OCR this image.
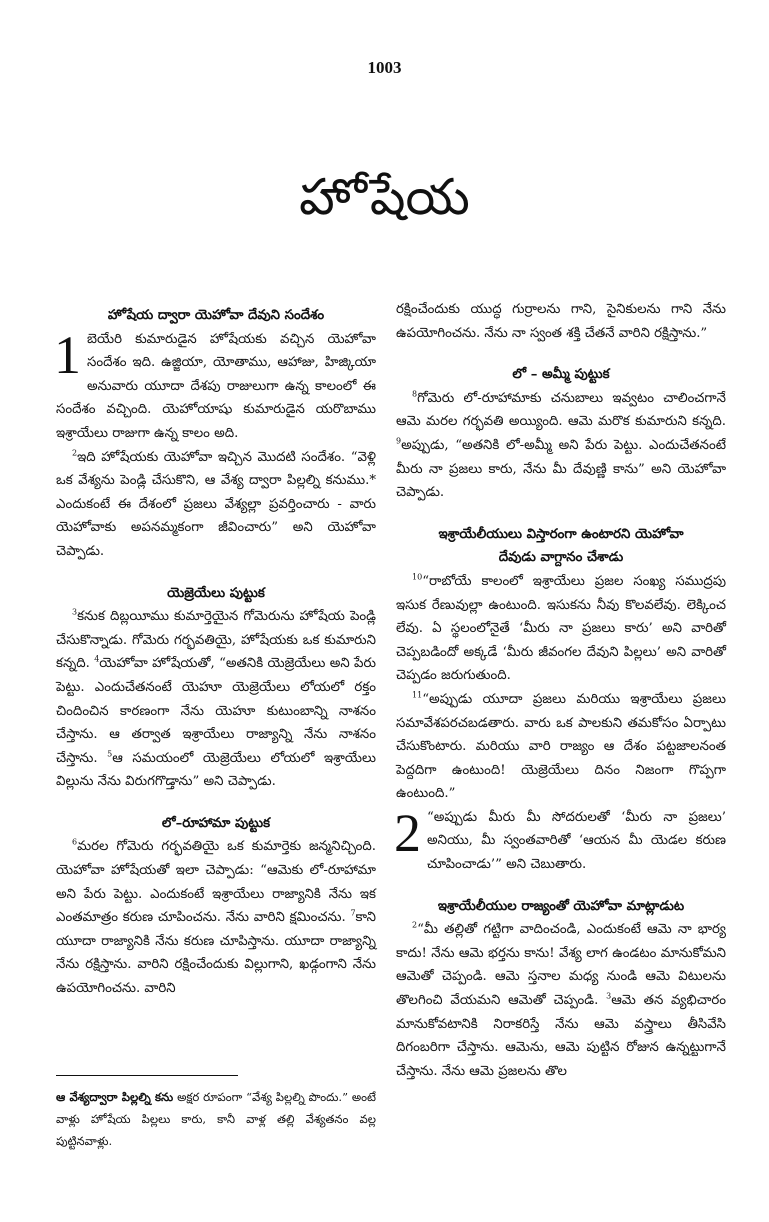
1003
హోషేయ
హోషేయ ద్వారా యెహోవా దేవుని సందేశం

1 బెయేరి కుమారుడైన హోషేయకు వచ్చిన యెహోవా సందేశం ఇది. ఉజ్జియా, యోతాము, ఆహాజు, హిజ్కియా అనువారు యూదా దేశపు రాజులుగా ఉన్న కాలంలో ఈ సందేశం వచ్చింది. యెహోయాషు కుమారుడైన యరొబాము ఇశ్రాయేలు రాజుగా ఉన్న కాలం అది.

$^2$ఇది హోషేయకు యెహోవా ఇచ్చిన మొదటి సందేశం. “వెళ్లి ఒక వేశ్యను పెండ్లి చేసుకొని, ఆ వేశ్య ద్వారా పిల్లల్ని కనుము.* ఎందుకంటే ఈ దేశంలో ప్రజలు వేశ్యల్లా ప్రవర్తించారు - వారు యెహోవాకు అపనమ్మకంగా జీవించారు” అని యెహోవా చెప్పాడు.

యెజ్రెయేలు పుట్టుక

$^3$కనుక దిబ్లయీము కుమార్తెయైన గోమెరును హోషేయ పెండ్లి చేసుకొన్నాడు. గోమెరు గర్భవతియై, హోషేయకు ఒక కుమారుని కన్నది. $^4$యెహోవా హోషేయతో, “అతనికి యెజ్రెయేలు అని పేరు పెట్టు. ఎందుచేతనంటే యెహూ యెజ్రెయేలు లోయలో రక్తం చిందించిన కారణంగా నేను యెహూ కుటుంబాన్ని నాశనం చేస్తాను. ఆ తర్వాత ఇశ్రాయేలు రాజ్యాన్ని నేను నాశనం చేస్తాను. $^5$ఆ సమయంలో యెజ్రెయేలు లోయలో ఇశ్రాయేలు విల్లును నేను విరుగగొడ్తాను” అని చెప్పాడు.

లో–రూహామా పుట్టుక

$^6$మరల గోమెరు గర్భవతియై ఒక కుమార్తెకు జన్మనిచ్చింది. యెహోవా హోషేయతో ఇలా చెప్పాడు: “ఆమెకు లో-రూహామా అని పేరు పెట్టు. ఎందుకంటే ఇశ్రాయేలు రాజ్యానికి నేను ఇక ఎంతమాత్రం కరుణ చూపించను. నేను వారిని క్షమించను. $^7$కాని యూదా రాజ్యానికి నేను కరుణ చూపిస్తాను. యూదా రాజ్యాన్ని నేను రక్షిస్తాను. వారిని రక్షించేందుకు విల్లుగాని, ఖడ్గంగాని నేను ఉపయోగించను. వారిని

రక్షించేందుకు యుద్ధ గుర్రాలను గాని, సైనికులను గాని నేను ఉపయోగించను. నేను నా స్వంత శక్తి చేతనే వారిని రక్షిస్తాను.”

లో – అమ్మీ పుట్టుక

$^8$గోమెరు లో-రూహామాకు చనుబాలు ఇవ్వటం చాలించగానే ఆమె మరల గర్భవతి అయ్యింది. ఆమె మరొక కుమారుని కన్నది. $^9$అప్పుడు, “అతనికి లో-అమ్మీ అని పేరు పెట్టు. ఎందుచేతనంటే మీరు నా ప్రజలు కారు, నేను మీ దేవుణ్ణి కాను” అని యెహోవా చెప్పాడు.

ఇశ్రాయేలీయులు విస్తారంగా ఉంటారని యెహోవా
దేవుడు వాగ్దానం చేశాడు

$^{10}$“రాబోయే కాలంలో ఇశ్రాయేలు ప్రజల సంఖ్య సముద్రపు ఇసుక రేణువుల్లా ఉంటుంది. ఇసుకను నీవు కొలవలేవు. లెక్కించ లేవు. ఏ స్థలంలోనైతే ‘మీరు నా ప్రజలు కారు’ అని వారితో చెప్పబడిందో అక్కడే ‘మీరు జీవంగల దేవుని పిల్లలు’ అని వారితో చెప్పడం జరుగుతుంది.

$^{11}$“అప్పుడు యూదా ప్రజలు మరియు ఇశ్రాయేలు ప్రజలు సమావేశపరచబడతారు. వారు ఒక పాలకుని తమకోసం ఏర్పాటు చేసుకొంటారు. మరియు వారి రాజ్యం ఆ దేశం పట్టజాలనంత పెద్దదిగా ఉంటుంది! యెజ్రెయేలు దినం నిజంగా గొప్పగా ఉంటుంది.”

2 “అప్పుడు మీరు మీ సోదరులతో ‘మీరు నా ప్రజలు’ అనియు, మీ స్వంతవారితో ‘ఆయన మీ యెడల కరుణ చూపించాడు’” అని చెబుతారు.

ఇశ్రాయేలీయుల రాజ్యంతో యెహోవా మాట్లాడుట

$^2$“మీ తల్లితో గట్టిగా వాదించండి, ఎందుకంటే ఆమె నా భార్య కాదు! నేను ఆమె భర్తను కాను! వేశ్య లాగ ఉండటం మానుకోమని ఆమెతో చెప్పండి. ఆమె స్తనాల మధ్య నుండి ఆమె విటులను తొలగించి వేయమని ఆమెతో చెప్పండి. $^3$ఆమె తన వ్యభిచారం మానుకోవటానికి నిరాకరిస్తే నేను ఆమె వస్త్రాలు తీసివేసి దిగంబరిగా చేస్తాను. ఆమెను, ఆమె పుట్టిన రోజున ఉన్నట్టుగానే చేస్తాను. నేను ఆమె ప్రజలను తొల

ఆ వేశ్యద్వారా పిల్లల్ని కను అక్షర రూపంగా “వేశ్య పిల్లల్ని పొందు.” అంటే వాళ్లు హోషేయ పిల్లలు కారు, కానీ వాళ్ల తల్లి వేశ్యతనం వల్ల పుట్టినవాళ్లు.
